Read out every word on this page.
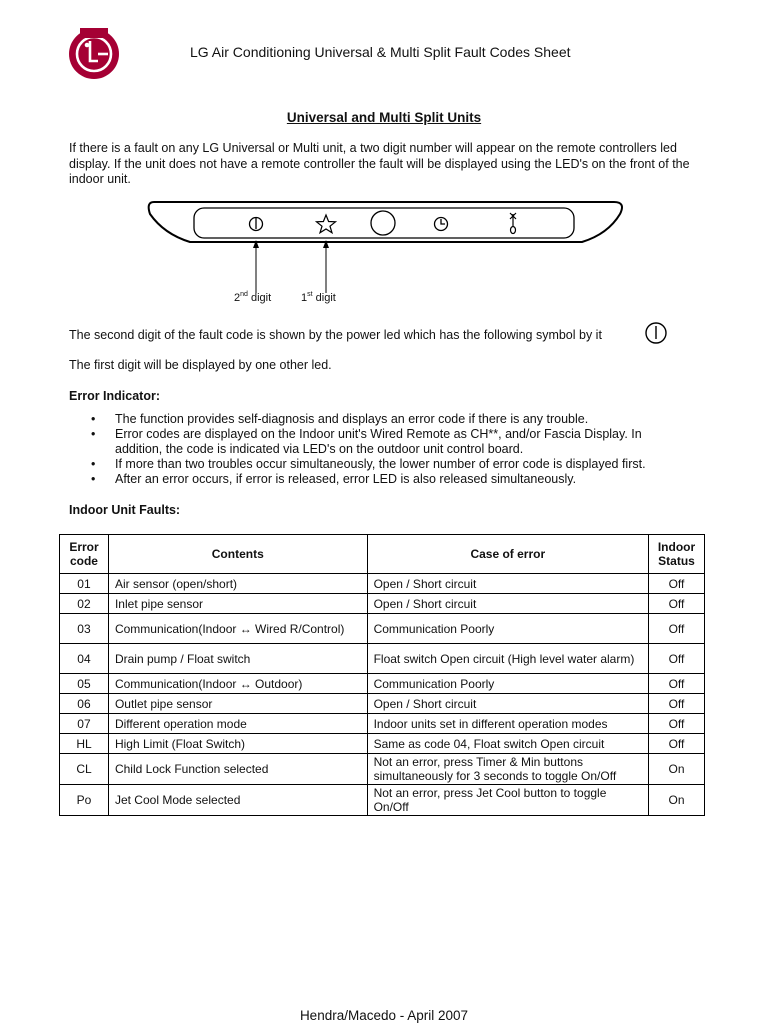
LG Air Conditioning Universal & Multi Split Fault Codes Sheet
Universal and Multi Split Units
If there is a fault on any LG Universal or Multi unit, a two digit number will appear on the remote controllers led display. If the unit does not have a remote controller the fault will be displayed using the LED's on the front of the indoor unit.
2nd digit	1st digit
The second digit of the fault code is shown by the power led which has the following symbol by it
The first digit will be displayed by one other led.
Error Indicator:
• The function provides self-diagnosis and displays an error code if there is any trouble.
• Error codes are displayed on the Indoor unit's Wired Remote as CH**, and/or Fascia Display. In addition, the code is indicated via LED's on the outdoor unit control board.
• If more than two troubles occur simultaneously, the lower number of error code is displayed first.
• After an error occurs, if error is released, error LED is also released simultaneously.
Indoor Unit Faults:
Error code	Contents	Case of error	Indoor Status
01	Air sensor (open/short)	Open / Short circuit	Off
02	Inlet pipe sensor	Open / Short circuit	Off
03	Communication(Indoor ↔ Wired R/Control)	Communication Poorly	Off
04	Drain pump / Float switch	Float switch Open circuit (High level water alarm)	Off
05	Communication(Indoor ↔ Outdoor)	Communication Poorly	Off
06	Outlet pipe sensor	Open / Short circuit	Off
07	Different operation mode	Indoor units set in different operation modes	Off
HL	High Limit (Float Switch)	Same as code 04, Float switch Open circuit	Off
CL	Child Lock Function selected	Not an error, press Timer & Min buttons simultaneously for 3 seconds to toggle On/Off	On
Po	Jet Cool Mode selected	Not an error, press Jet Cool button to toggle On/Off	On
Hendra/Macedo - April 2007
